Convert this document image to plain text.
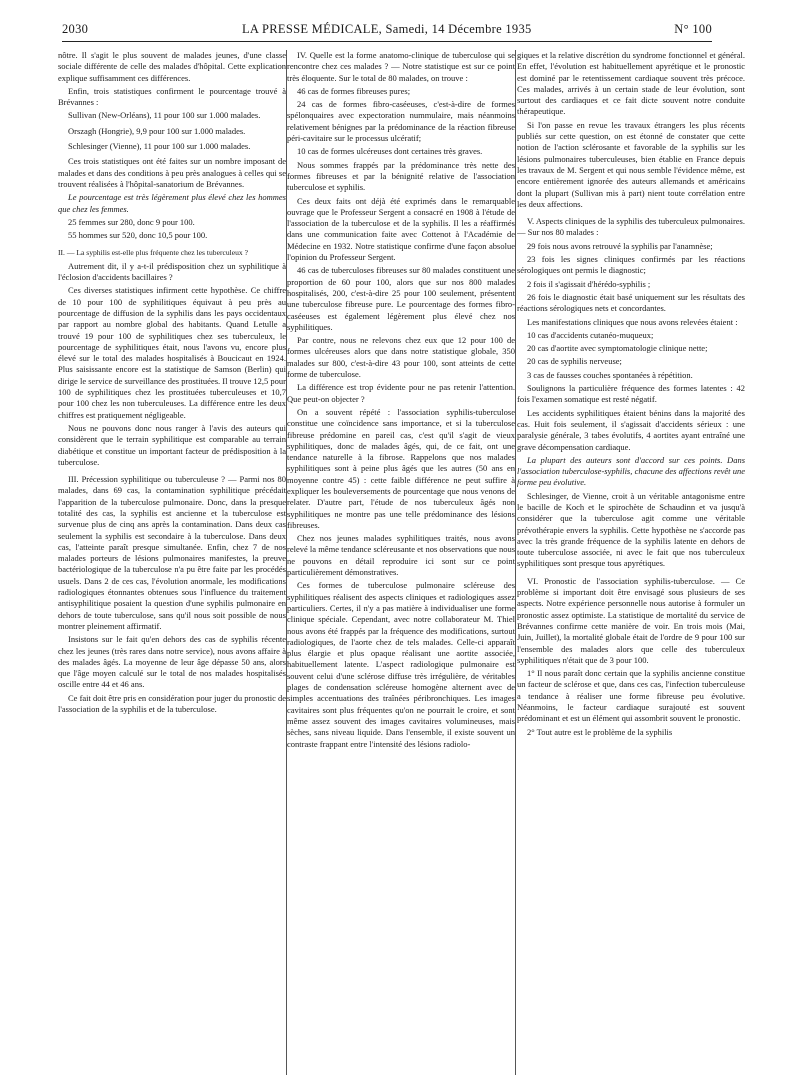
2030	LA PRESSE MÉDICALE, Samedi, 14 Décembre 1935	N° 100

nôtre. Il s'agit le plus souvent de malades jeunes, d'une classe sociale différente de celle des malades d'hôpital. Cette explication explique suffisamment ces différences.

Enfin, trois statistiques confirment le pourcentage trouvé à Brévannes :

Sullivan (New-Orléans), 11 pour 100 sur 1.000 malades.

Orszagh (Hongrie), 9,9 pour 100 sur 1.000 malades.

Schlesinger (Vienne), 11 pour 100 sur 1.000 malades.

Ces trois statistiques ont été faites sur un nombre imposant de malades et dans des conditions à peu près analogues à celles qui se trouvent réalisées à l'hôpital-sanatorium de Brévannes.

Le pourcentage est très légèrement plus élevé chez les hommes que chez les femmes.

25 femmes sur 280, donc 9 pour 100.

55 hommes sur 520, donc 10,5 pour 100.

II. — La syphilis est-elle plus fréquente chez les tuberculeux ?

Autrement dit, il y a-t-il prédisposition chez un syphilitique à l'éclosion d'accidents bacillaires ?

Ces diverses statistiques infirment cette hypothèse. Ce chiffre de 10 pour 100 de syphilitiques équivaut à peu près au pourcentage de diffusion de la syphilis dans les pays occidentaux par rapport au nombre global des habitants. Quand Letulle a trouvé 19 pour 100 de syphilitiques chez ses tuberculeux, le pourcentage de syphilitiques était, nous l'avons vu, encore plus élevé sur le total des malades hospitalisés à Boucicaut en 1924. Plus saisissante encore est la statistique de Samson (Berlin) qui dirige le service de surveillance des prostituées. Il trouve 12,5 pour 100 de syphilitiques chez les prostituées tuberculeuses et 10,7 pour 100 chez les non tuberculeuses. La différence entre les deux chiffres est pratiquement négligeable.

Nous ne pouvons donc nous ranger à l'avis des auteurs qui considèrent que le terrain syphilitique est comparable au terrain diabétique et constitue un important facteur de prédisposition à la tuberculose.

III. Précession syphilitique ou tuberculeuse ? — Parmi nos 80 malades, dans 69 cas, la contamination syphilitique précédait l'apparition de la tuberculose pulmonaire. Donc, dans la presque totalité des cas, la syphilis est ancienne et la tuberculose est survenue plus de cinq ans après la contamination. Dans deux cas seulement la syphilis est secondaire à la tuberculose. Dans deux cas, l'atteinte paraît presque simultanée. Enfin, chez 7 de nos malades porteurs de lésions pulmonaires manifestes, la preuve bactériologique de la tuberculose n'a pu être faite par les procédés usuels. Dans 2 de ces cas, l'évolution anormale, les modifications radiologiques étonnantes obtenues sous l'influence du traitement antisyphilitique posaient la question d'une syphilis pulmonaire en dehors de toute tuberculose, sans qu'il nous soit possible de nous montrer pleinement affirmatif.

Insistons sur le fait qu'en dehors des cas de syphilis récente chez les jeunes (très rares dans notre service), nous avons affaire à des malades âgés. La moyenne de leur âge dépasse 50 ans, alors que l'âge moyen calculé sur le total de nos malades hospitalisés oscille entre 44 et 46 ans.

Ce fait doit être pris en considération pour juger du pronostic de l'association de la syphilis et de la tuberculose.

IV. Quelle est la forme anatomo-clinique de tuberculose qui se rencontre chez ces malades ? — Notre statistique est sur ce point très éloquente. Sur le total de 80 malades, on trouve :

46 cas de formes fibreuses pures;

24 cas de formes fibro-caséeuses, c'est-à-dire de formes spélonquaires avec expectoration nummulaire, mais néanmoins relativement bénignes par la prédominance de la réaction fibreuse péri-cavitaire sur le processus ulcératif;

10 cas de formes ulcéreuses dont certaines très graves.

Nous sommes frappés par la prédominance très nette des formes fibreuses et par la bénignité relative de l'association tuberculose et syphilis.

Ces deux faits ont déjà été exprimés dans le remarquable ouvrage que le Professeur Sergent a consacré en 1908 à l'étude de l'association de la tuberculose et de la syphilis. Il les a réaffirmés dans une communication faite avec Cottenot à l'Académie de Médecine en 1932. Notre statistique confirme d'une façon absolue l'opinion du Professeur Sergent.

46 cas de tuberculoses fibreuses sur 80 malades constituent une proportion de 60 pour 100, alors que sur nos 800 malades hospitalisés, 200, c'est-à-dire 25 pour 100 seulement, présentent une tuberculose fibreuse pure. Le pourcentage des formes fibro-caséeuses est également légèrement plus élevé chez nos syphilitiques.

Par contre, nous ne relevons chez eux que 12 pour 100 de formes ulcéreuses alors que dans notre statistique globale, 350 malades sur 800, c'est-à-dire 43 pour 100, sont atteints de cette forme de tuberculose.

La différence est trop évidente pour ne pas retenir l'attention. Que peut-on objecter ?

On a souvent répété : l'association syphilis-tuberculose constitue une coïncidence sans importance, et si la tuberculose fibreuse prédomine en pareil cas, c'est qu'il s'agit de vieux syphilitiques, donc de malades âgés, qui, de ce fait, ont une tendance naturelle à la fibrose. Rappelons que nos malades syphilitiques sont à peine plus âgés que les autres (50 ans en moyenne contre 45) : cette faible différence ne peut suffire à expliquer les bouleversements de pourcentage que nous venons de relater. D'autre part, l'étude de nos tuberculeux âgés non syphilitiques ne montre pas une telle prédominance des lésions fibreuses.

Chez nos jeunes malades syphilitiques traités, nous avons relevé la même tendance scléreusante et nos observations que nous ne pouvons en détail reproduire ici sont sur ce point particulièrement démonstratives.

Ces formes de tuberculose pulmonaire scléreuse des syphilitiques réalisent des aspects cliniques et radiologiques assez particuliers. Certes, il n'y a pas matière à individualiser une forme clinique spéciale. Cependant, avec notre collaborateur M. Thiel nous avons été frappés par la fréquence des modifications, surtout radiologiques, de l'aorte chez de tels malades. Celle-ci apparaît plus élargie et plus opaque réalisant une aortite associée, habituellement latente. L'aspect radiologique pulmonaire est souvent celui d'une sclérose diffuse très irrégulière, de véritables plages de condensation scléreuse homogène alternent avec de simples accentuations des traînées péribronchiques. Les images cavitaires sont plus fréquentes qu'on ne pourrait le croire, et sont même assez souvent des images cavitaires volumineuses, mais sèches, sans niveau liquide. Dans l'ensemble, il existe souvent un contraste frappant entre l'intensité des lésions radiolo-

giques et la relative discrétion du syndrome fonctionnel et général. En effet, l'évolution est habituellement apyrétique et le pronostic est dominé par le retentissement cardiaque souvent très précoce. Ces malades, arrivés à un certain stade de leur évolution, sont surtout des cardiaques et ce fait dicte souvent notre conduite thérapeutique.

Si l'on passe en revue les travaux étrangers les plus récents publiés sur cette question, on est étonné de constater que cette notion de l'action sclérosante et favorable de la syphilis sur les lésions pulmonaires tuberculeuses, bien établie en France depuis les travaux de M. Sergent et qui nous semble l'évidence même, est encore entièrement ignorée des auteurs allemands et américains dont la plupart (Sullivan mis à part) nient toute corrélation entre les deux affections.

V. Aspects cliniques de la syphilis des tuberculeux pulmonaires. — Sur nos 80 malades :

29 fois nous avons retrouvé la syphilis par l'anamnèse;

23 fois les signes cliniques confirmés par les réactions sérologiques ont permis le diagnostic;

2 fois il s'agissait d'hérédo-syphilis ;

26 fois le diagnostic était basé uniquement sur les résultats des réactions sérologiques nets et concordantes.

Les manifestations cliniques que nous avons relevées étaient :

10 cas d'accidents cutanéo-muqueux;

20 cas d'aortite avec symptomatologie clinique nette;

20 cas de syphilis nerveuse;

3 cas de fausses couches spontanées à répétition.

Soulignons la particulière fréquence des formes latentes : 42 fois l'examen somatique est resté négatif.

Les accidents syphilitiques étaient bénins dans la majorité des cas. Huit fois seulement, il s'agissait d'accidents sérieux : une paralysie générale, 3 tabes évolutifs, 4 aortites ayant entraîné une grave décompensation cardiaque.

La plupart des auteurs sont d'accord sur ces points. Dans l'association tuberculose-syphilis, chacune des affections revêt une forme peu évolutive.

Schlesinger, de Vienne, croit à un véritable antagonisme entre le bacille de Koch et le spirochète de Schaudinn et va jusqu'à considérer que la tuberculose agit comme une véritable prévothérapie envers la syphilis. Cette hypothèse ne s'accorde pas avec la très grande fréquence de la syphilis latente en dehors de toute tuberculose associée, ni avec le fait que nos tuberculeux syphilitiques sont presque tous apyrétiques.

VI. Pronostic de l'association syphilis-tuberculose. — Ce problème si important doit être envisagé sous plusieurs de ses aspects. Notre expérience personnelle nous autorise à formuler un pronostic assez optimiste. La statistique de mortalité du service de Brévannes confirme cette manière de voir. En trois mois (Mai, Juin, Juillet), la mortalité globale était de l'ordre de 9 pour 100 sur l'ensemble des malades alors que celle des tuberculeux syphilitiques n'était que de 3 pour 100.

1° Il nous paraît donc certain que la syphilis ancienne constitue un facteur de sclérose et que, dans ces cas, l'infection tuberculeuse a tendance à réaliser une forme fibreuse peu évolutive. Néanmoins, le facteur cardiaque surajouté est souvent prédominant et est un élément qui assombrit souvent le pronostic.

2° Tout autre est le problème de la syphilis
